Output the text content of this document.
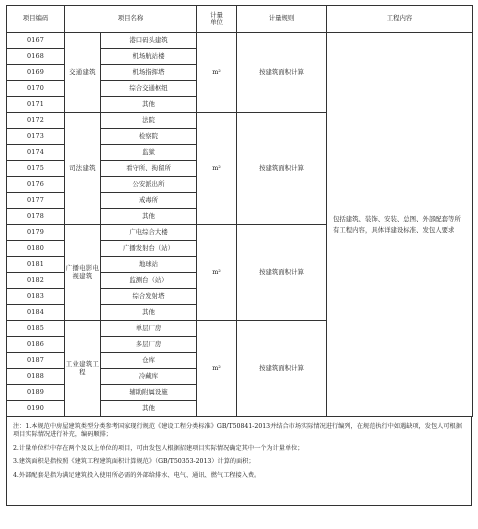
项目编码	项目名称		计量
单位	计量规则	工程内容
0167	交通建筑	港口码头建筑	m²	按建筑面积计算	包括建筑、装饰、安装、总图、外部配套等所有工程内容，具体详建设标准、发包人要求
0168		机场航站楼			
0169		机场指挥塔			
0170		综合交通枢纽			
0171		其他			
0172	司法建筑	法院	m²	按建筑面积计算	
0173		检察院			
0174		监狱			
0175		看守所、拘留所			
0176		公安派出所			
0177		戒毒所			
0178		其他			
0179	广播电影电视建筑	广电综合大楼	m²	按建筑面积计算	
0180		广播发射台（站）			
0181		地球站			
0182		监测台（站）			
0183		综合发射塔			
0184		其他			
0185	工业建筑工程	单层厂房	m²	按建筑面积计算	
0186		多层厂房			
0187		仓库			
0188		冷藏库			
0189		辅助附属设施			
0190		其他			

注：1.本规范中房屋建筑类型分类参考国家现行规范《建设工程分类标准》GB/T50841-2013并结合市场实际情况进行编列，在规范执行中如遇缺项，发包人可根据项目实际情况进行补充，编码顺排；

2.计量单位栏中存在两个及以上单位的项目，可由发包人根据招建项目实际情况确定其中一个为计量单位；

3.建筑面积是指按照《建筑工程建筑面积计算规范》（GB/T50353-2013）计算的面积；

4.外部配套是指为满足建筑投入使用所必需的外部给排水、电气、通讯、燃气工程接入费。
